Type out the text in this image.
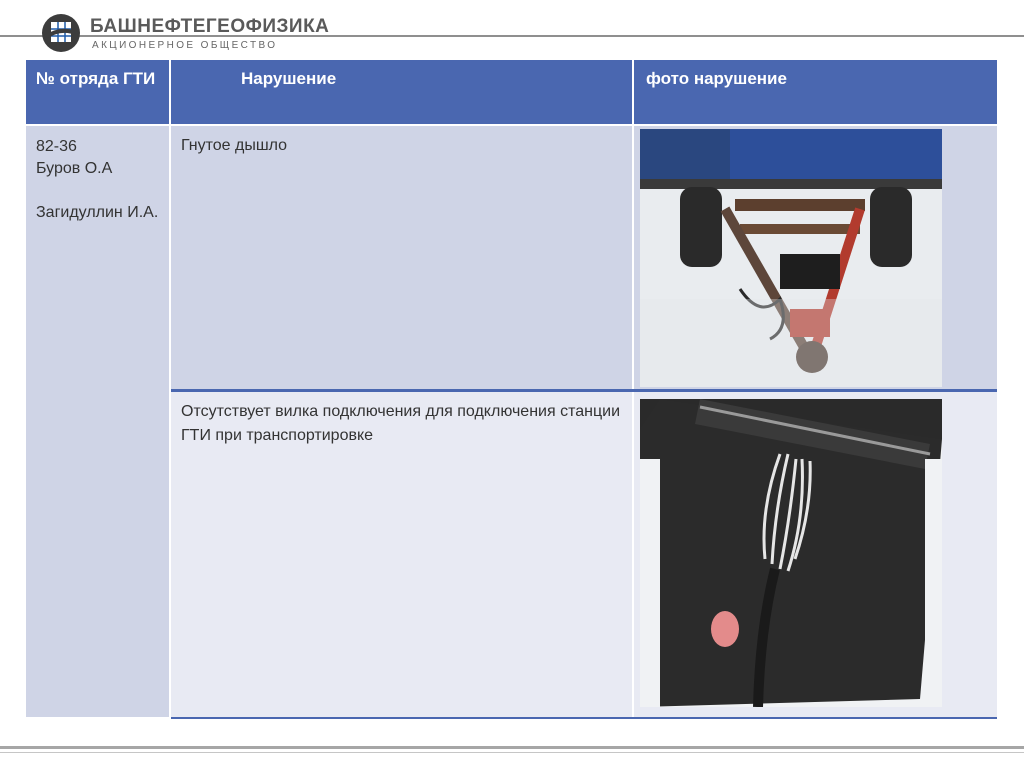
БАШНЕФТЕГЕОФИЗИКА
АКЦИОНЕРНОЕ ОБЩЕСТВО
№ отряда ГТИ	Нарушение	фото нарушение
82-36
Буров О.А
Загидуллин И.А.
Гнутое дышло
Отсутствует вилка подключения для подключения станции ГТИ при транспортировке
